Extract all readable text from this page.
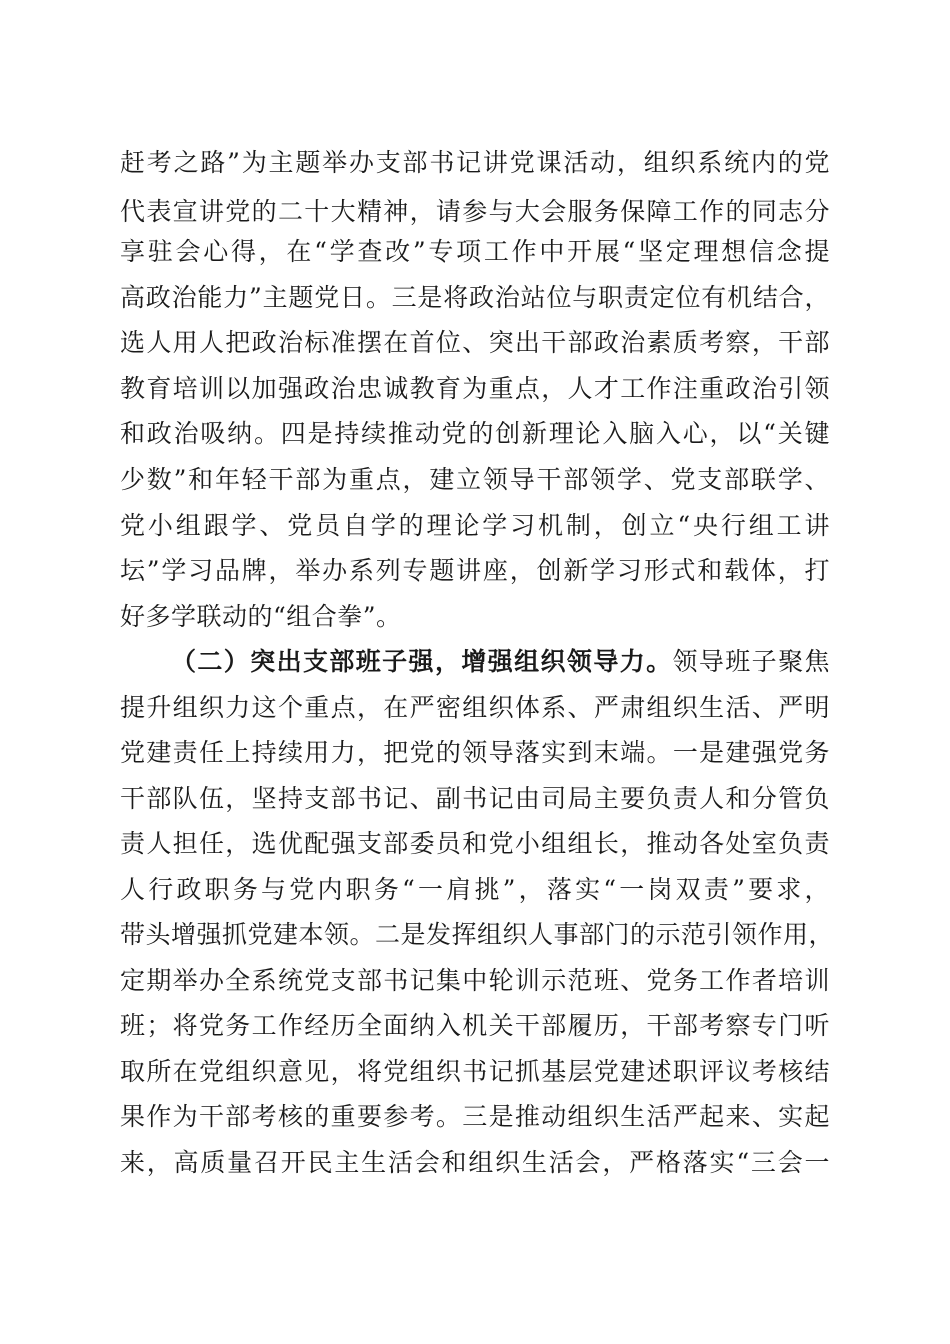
赶考之路”为主题举办支部书记讲党课活动，组织系统内的党
代表宣讲党的二十大精神，请参与大会服务保障工作的同志分
享驻会心得，在“学查改”专项工作中开展“坚定理想信念提
高政治能力”主题党日。三是将政治站位与职责定位有机结合，
选人用人把政治标准摆在首位、突出干部政治素质考察，干部
教育培训以加强政治忠诚教育为重点，人才工作注重政治引领
和政治吸纳。四是持续推动党的创新理论入脑入心，以“关键
少数”和年轻干部为重点，建立领导干部领学、党支部联学、
党小组跟学、党员自学的理论学习机制，创立“央行组工讲
坛”学习品牌，举办系列专题讲座，创新学习形式和载体，打
好多学联动的“组合拳”。
（二）突出支部班子强，增强组织领导力。领导班子聚焦
提升组织力这个重点，在严密组织体系、严肃组织生活、严明
党建责任上持续用力，把党的领导落实到末端。一是建强党务
干部队伍，坚持支部书记、副书记由司局主要负责人和分管负
责人担任，选优配强支部委员和党小组组长，推动各处室负责
人行政职务与党内职务“一肩挑”，落实“一岗双责”要求，
带头增强抓党建本领。二是发挥组织人事部门的示范引领作用，
定期举办全系统党支部书记集中轮训示范班、党务工作者培训
班；将党务工作经历全面纳入机关干部履历，干部考察专门听
取所在党组织意见，将党组织书记抓基层党建述职评议考核结
果作为干部考核的重要参考。三是推动组织生活严起来、实起
来，高质量召开民主生活会和组织生活会，严格落实“三会一
